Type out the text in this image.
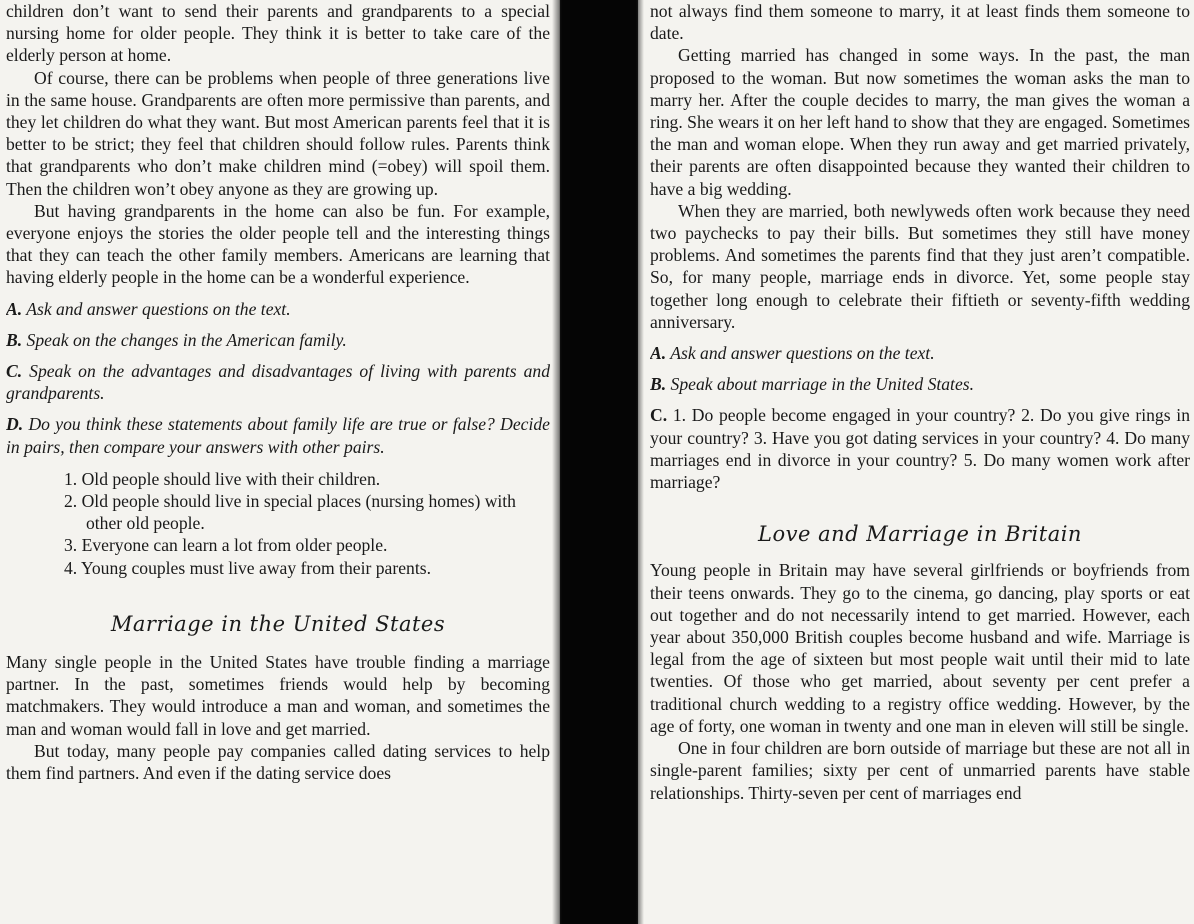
children don’t want to send their parents and grandparents to a special nursing home for older people. They think it is better to take care of the elderly person at home.

Of course, there can be problems when people of three generations live in the same house. Grandparents are often more permissive than parents, and they let children do what they want. But most American parents feel that it is better to be strict; they feel that children should follow rules. Parents think that grandparents who don’t make children mind (=obey) will spoil them. Then the children won’t obey anyone as they are growing up.

But having grandparents in the home can also be fun. For example, everyone enjoys the stories the older people tell and the interesting things that they can teach the other family members. Americans are learning that having elderly people in the home can be a wonderful experience.

A. Ask and answer questions on the text.

B. Speak on the changes in the American family.

C. Speak on the advantages and disadvantages of living with parents and grandparents.

D. Do you think these statements about family life are true or false? Decide in pairs, then compare your answers with other pairs.

1. Old people should live with their children.
2. Old people should live in special places (nursing homes) with other old people.
3. Everyone can learn a lot from older people.
4. Young couples must live away from their parents.
Marriage in the United States

Many single people in the United States have trouble finding a marriage partner. In the past, sometimes friends would help by becoming matchmakers. They would introduce a man and woman, and sometimes the man and woman would fall in love and get married.

But today, many people pay companies called dating services to help them find partners. And even if the dating service does

not always find them someone to marry, it at least finds them someone to date.

Getting married has changed in some ways. In the past, the man proposed to the woman. But now sometimes the woman asks the man to marry her. After the couple decides to marry, the man gives the woman a ring. She wears it on her left hand to show that they are engaged. Sometimes the man and woman elope. When they run away and get married privately, their parents are often disappointed because they wanted their children to have a big wedding.

When they are married, both newlyweds often work because they need two paychecks to pay their bills. But sometimes they still have money problems. And sometimes the parents find that they just aren’t compatible. So, for many people, marriage ends in divorce. Yet, some people stay together long enough to celebrate their fiftieth or seventy-fifth wedding anniversary.

A. Ask and answer questions on the text.

B. Speak about marriage in the United States.

C. 1. Do people become engaged in your country? 2. Do you give rings in your country? 3. Have you got dating services in your country? 4. Do many marriages end in divorce in your country? 5. Do many women work after marriage?

Love and Marriage in Britain

Young people in Britain may have several girlfriends or boyfriends from their teens onwards. They go to the cinema, go dancing, play sports or eat out together and do not necessarily intend to get married. However, each year about 350,000 British couples become husband and wife. Marriage is legal from the age of sixteen but most people wait until their mid to late twenties. Of those who get married, about seventy per cent prefer a traditional church wedding to a registry office wedding. However, by the age of forty, one woman in twenty and one man in eleven will still be single.

One in four children are born outside of marriage but these are not all in single-parent families; sixty per cent of unmarried parents have stable relationships. Thirty-seven per cent of marriages end
